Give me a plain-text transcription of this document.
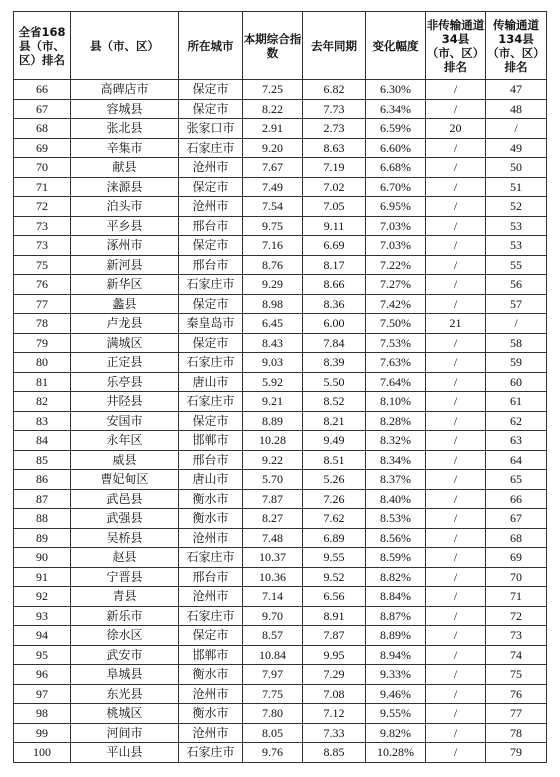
全省168县（市、区）排名	县（市、区）	所在城市	本期综合指数	去年同期	变化幅度	非传输通道34县（市、区）排名	传输通道134县（市、区）排名
66	高碑店市	保定市	7.25	6.82	6.30%	/	47
67	容城县	保定市	8.22	7.73	6.34%	/	48
68	张北县	张家口市	2.91	2.73	6.59%	20	/
69	辛集市	石家庄市	9.20	8.63	6.60%	/	49
70	献县	沧州市	7.67	7.19	6.68%	/	50
71	涞源县	保定市	7.49	7.02	6.70%	/	51
72	泊头市	沧州市	7.54	7.05	6.95%	/	52
73	平乡县	邢台市	9.75	9.11	7.03%	/	53
73	涿州市	保定市	7.16	6.69	7.03%	/	53
75	新河县	邢台市	8.76	8.17	7.22%	/	55
76	新华区	石家庄市	9.29	8.66	7.27%	/	56
77	蠡县	保定市	8.98	8.36	7.42%	/	57
78	卢龙县	秦皇岛市	6.45	6.00	7.50%	21	/
79	满城区	保定市	8.43	7.84	7.53%	/	58
80	正定县	石家庄市	9.03	8.39	7.63%	/	59
81	乐亭县	唐山市	5.92	5.50	7.64%	/	60
82	井陉县	石家庄市	9.21	8.52	8.10%	/	61
83	安国市	保定市	8.89	8.21	8.28%	/	62
84	永年区	邯郸市	10.28	9.49	8.32%	/	63
85	威县	邢台市	9.22	8.51	8.34%	/	64
86	曹妃甸区	唐山市	5.70	5.26	8.37%	/	65
87	武邑县	衡水市	7.87	7.26	8.40%	/	66
88	武强县	衡水市	8.27	7.62	8.53%	/	67
89	吴桥县	沧州市	7.48	6.89	8.56%	/	68
90	赵县	石家庄市	10.37	9.55	8.59%	/	69
91	宁晋县	邢台市	10.36	9.52	8.82%	/	70
92	青县	沧州市	7.14	6.56	8.84%	/	71
93	新乐市	石家庄市	9.70	8.91	8.87%	/	72
94	徐水区	保定市	8.57	7.87	8.89%	/	73
95	武安市	邯郸市	10.84	9.95	8.94%	/	74
96	阜城县	衡水市	7.97	7.29	9.33%	/	75
97	东光县	沧州市	7.75	7.08	9.46%	/	76
98	桃城区	衡水市	7.80	7.12	9.55%	/	77
99	河间市	沧州市	8.05	7.33	9.82%	/	78
100	平山县	石家庄市	9.76	8.85	10.28%	/	79
